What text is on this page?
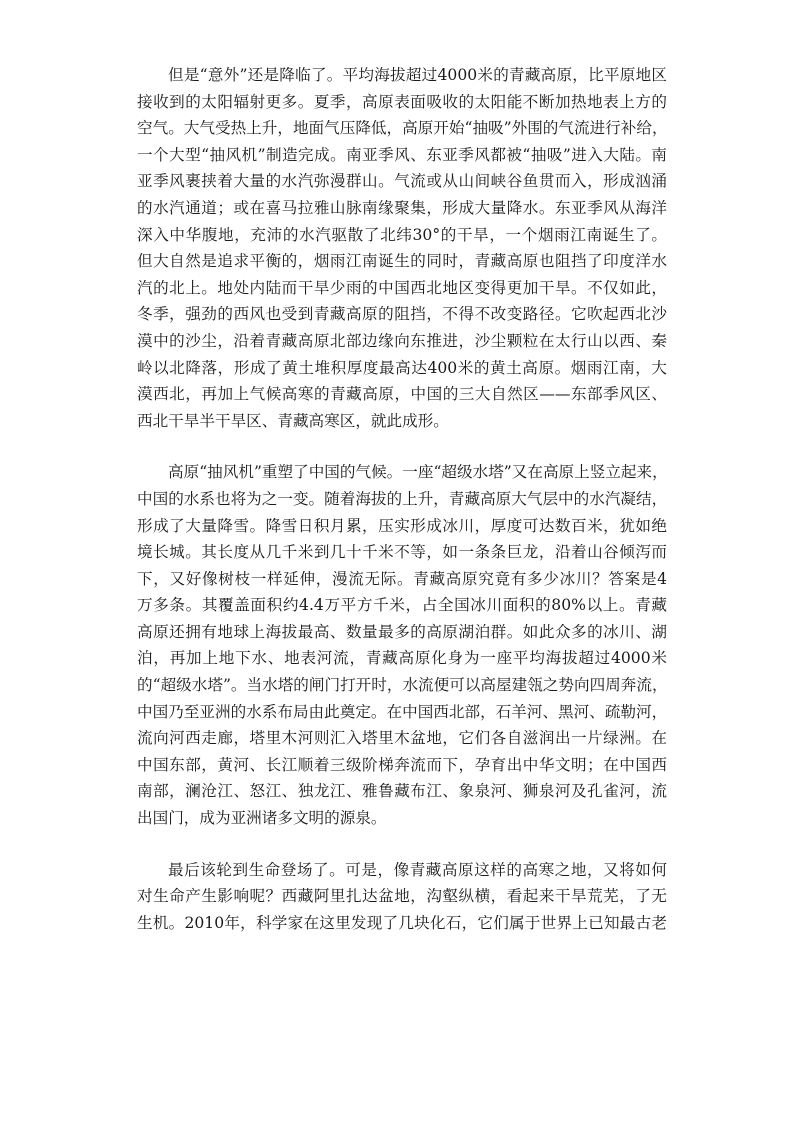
但是“意外”还是降临了。平均海拔超过4000米的青藏高原，比平原地区
接收到的太阳辐射更多。夏季，高原表面吸收的太阳能不断加热地表上方的
空气。大气受热上升，地面气压降低，高原开始“抽吸”外围的气流进行补给，
一个大型“抽风机”制造完成。南亚季风、东亚季风都被“抽吸”进入大陆。南
亚季风裹挟着大量的水汽弥漫群山。气流或从山间峡谷鱼贯而入，形成汹涌
的水汽通道；或在喜马拉雅山脉南缘聚集，形成大量降水。东亚季风从海洋
深入中华腹地，充沛的水汽驱散了北纬30°的干旱，一个烟雨江南诞生了。
但大自然是追求平衡的，烟雨江南诞生的同时，青藏高原也阻挡了印度洋水
汽的北上。地处内陆而干旱少雨的中国西北地区变得更加干旱。不仅如此，
冬季，强劲的西风也受到青藏高原的阻挡，不得不改变路径。它吹起西北沙
漠中的沙尘，沿着青藏高原北部边缘向东推进，沙尘颗粒在太行山以西、秦
岭以北降落，形成了黄土堆积厚度最高达400米的黄土高原。烟雨江南，大
漠西北，再加上气候高寒的青藏高原，中国的三大自然区——东部季风区、
西北干旱半干旱区、青藏高寒区，就此成形。

高原“抽风机”重塑了中国的气候。一座“超级水塔”又在高原上竖立起来，
中国的水系也将为之一变。随着海拔的上升，青藏高原大气层中的水汽凝结，
形成了大量降雪。降雪日积月累，压实形成冰川，厚度可达数百米，犹如绝
境长城。其长度从几千米到几十千米不等，如一条条巨龙，沿着山谷倾泻而
下，又好像树枝一样延伸，漫流无际。青藏高原究竟有多少冰川？答案是4
万多条。其覆盖面积约4.4万平方千米，占全国冰川面积的80%以上。青藏
高原还拥有地球上海拔最高、数量最多的高原湖泊群。如此众多的冰川、湖
泊，再加上地下水、地表河流，青藏高原化身为一座平均海拔超过4000米
的“超级水塔”。当水塔的闸门打开时，水流便可以高屋建瓴之势向四周奔流，
中国乃至亚洲的水系布局由此奠定。在中国西北部，石羊河、黑河、疏勒河，
流向河西走廊，塔里木河则汇入塔里木盆地，它们各自滋润出一片绿洲。在
中国东部，黄河、长江顺着三级阶梯奔流而下，孕育出中华文明；在中国西
南部，澜沧江、怒江、独龙江、雅鲁藏布江、象泉河、狮泉河及孔雀河，流
出国门，成为亚洲诸多文明的源泉。

最后该轮到生命登场了。可是，像青藏高原这样的高寒之地，又将如何
对生命产生影响呢？西藏阿里扎达盆地，沟壑纵横，看起来干旱荒芜，了无
生机。2010年，科学家在这里发现了几块化石，它们属于世界上已知最古老
